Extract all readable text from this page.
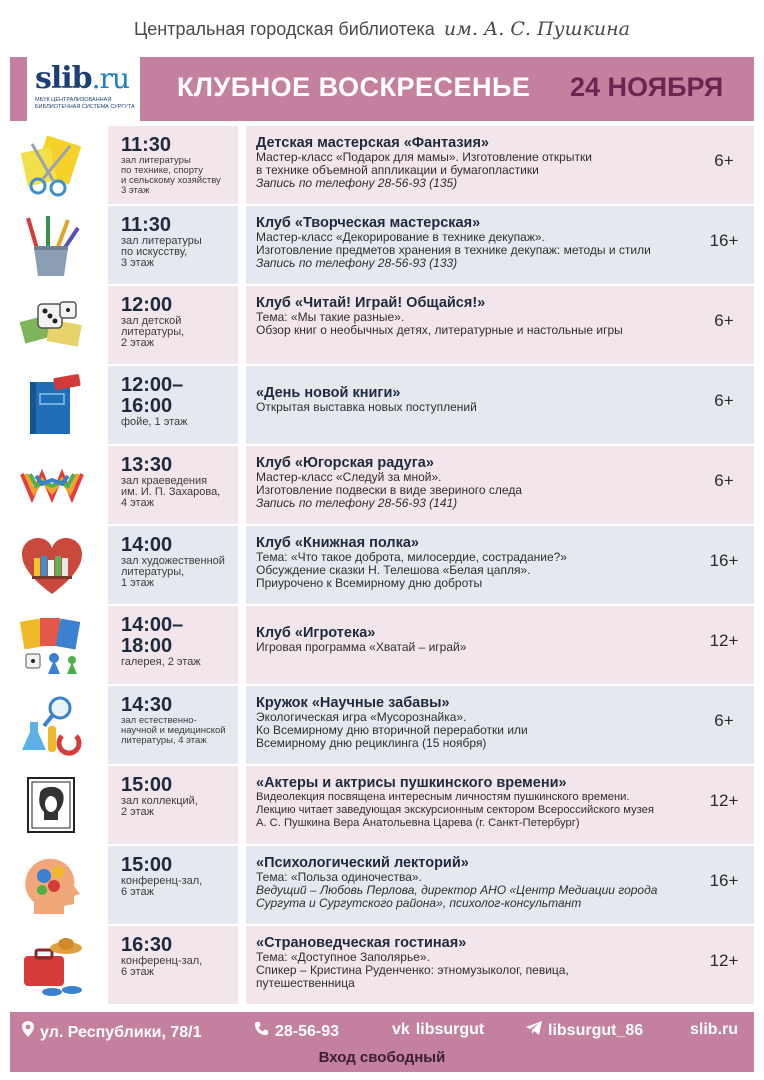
Центральная городская библиотека им. А. С. Пушкина
slib.ru
МБУК ЦЕНТРАЛИЗОВАННАЯ БИБЛИОТЕЧНАЯ СИСТЕМА СУРГУТА
КЛУБНОЕ ВОСКРЕСЕНЬЕ 24 НОЯБРЯ
11:30
зал литературы
по технике, спорту
и сельскому хозяйству
3 этаж
Детская мастерская «Фантазия»
Мастер-класс «Подарок для мамы». Изготовление открытки
в технике объемной аппликации и бумагопластики
Запись по телефону 28-56-93 (135)
6+
11:30
зал литературы
по искусству,
3 этаж
Клуб «Творческая мастерская»
Мастер-класс «Декорирование в технике декупаж».
Изготовление предметов хранения в технике декупаж: методы и стили
Запись по телефону 28-56-93 (133)
16+
12:00
зал детской
литературы,
2 этаж
Клуб «Читай! Играй! Общайся!»
Тема: «Мы такие разные».
Обзор книг о необычных детях, литературные и настольные игры	6+
12:00–
16:00
фойе, 1 этаж
«День новой книги»
Открытая выставка новых поступлений	6+
13:30
зал краеведения
им. И. П. Захарова,
4 этаж
Клуб «Югорская радуга»
Мастер-класс «Следуй за мной».
Изготовление подвески в виде звериного следа
Запись по телефону 28-56-93 (141)
6+
14:00
зал художественной
литературы,
1 этаж
Клуб «Книжная полка»
Тема: «Что такое доброта, милосердие, сострадание?»
Обсуждение сказки Н. Телешова «Белая цапля».
Приурочено к Всемирному дню доброты
16+
14:00–
18:00
галерея, 2 этаж
Клуб «Игротека»
Игровая программа «Хватай – играй»	12+
14:30
зал естественно-
научной и медицинской
литературы, 4 этаж
Кружок «Научные забавы»
Экологическая игра «Мусорознайка».
Ко Всемирному дню вторичной переработки или
Всемирному дню рециклинга (15 ноября)
6+
15:00
зал коллекций,
2 этаж
«Актеры и актрисы пушкинского времени»
Видеолекция посвящена интересным личностям пушкинского времени.
Лекцию читает заведующая экскурсионным сектором Всероссийского музея
А. С. Пушкина Вера Анатольевна Царева (г. Санкт-Петербург)
12+
15:00
конференц-зал,
6 этаж
«Психологический лекторий»
Тема: «Польза одиночества».
Ведущий – Любовь Перлова, директор АНО «Центр Медиации города
Сургута и Сургутского района», психолог-консультант
16+
16:30
конференц-зал,
6 этаж
«Страноведческая гостиная»
Тема: «Доступное Заполярье».
Спикер – Кристина Руденченко: этномузыколог, певица,
путешественница
12+
ул. Республики, 78/1	28-56-93	vk libsurgut	libsurgut_86	slib.ru
Вход свободный
